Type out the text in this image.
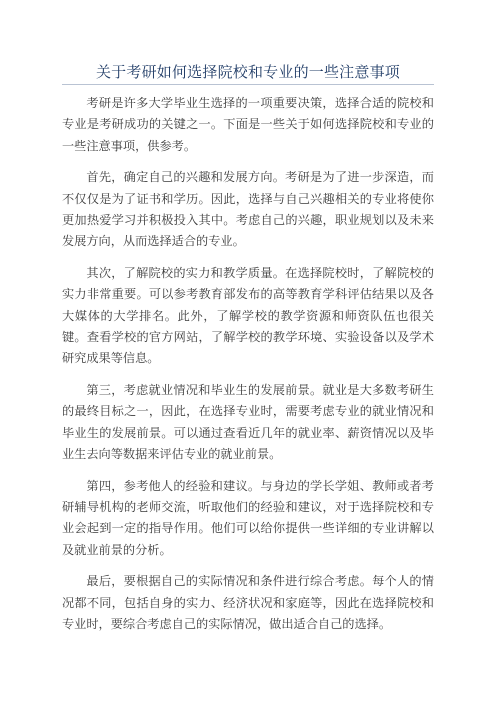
关于考研如何选择院校和专业的一些注意事项

考研是许多大学毕业生选择的一项重要决策，选择合适的院校和专业是考研成功的关键之一。下面是一些关于如何选择院校和专业的一些注意事项，供参考。

首先，确定自己的兴趣和发展方向。考研是为了进一步深造，而不仅仅是为了证书和学历。因此，选择与自己兴趣相关的专业将使你更加热爱学习并积极投入其中。考虑自己的兴趣，职业规划以及未来发展方向，从而选择适合的专业。

其次，了解院校的实力和教学质量。在选择院校时，了解院校的实力非常重要。可以参考教育部发布的高等教育学科评估结果以及各大媒体的大学排名。此外，了解学校的教学资源和师资队伍也很关键。查看学校的官方网站，了解学校的教学环境、实验设备以及学术研究成果等信息。

第三，考虑就业情况和毕业生的发展前景。就业是大多数考研生的最终目标之一，因此，在选择专业时，需要考虑专业的就业情况和毕业生的发展前景。可以通过查看近几年的就业率、薪资情况以及毕业生去向等数据来评估专业的就业前景。

第四，参考他人的经验和建议。与身边的学长学姐、教师或者考研辅导机构的老师交流，听取他们的经验和建议，对于选择院校和专业会起到一定的指导作用。他们可以给你提供一些详细的专业讲解以及就业前景的分析。

最后，要根据自己的实际情况和条件进行综合考虑。每个人的情况都不同，包括自身的实力、经济状况和家庭等，因此在选择院校和专业时，要综合考虑自己的实际情况，做出适合自己的选择。
